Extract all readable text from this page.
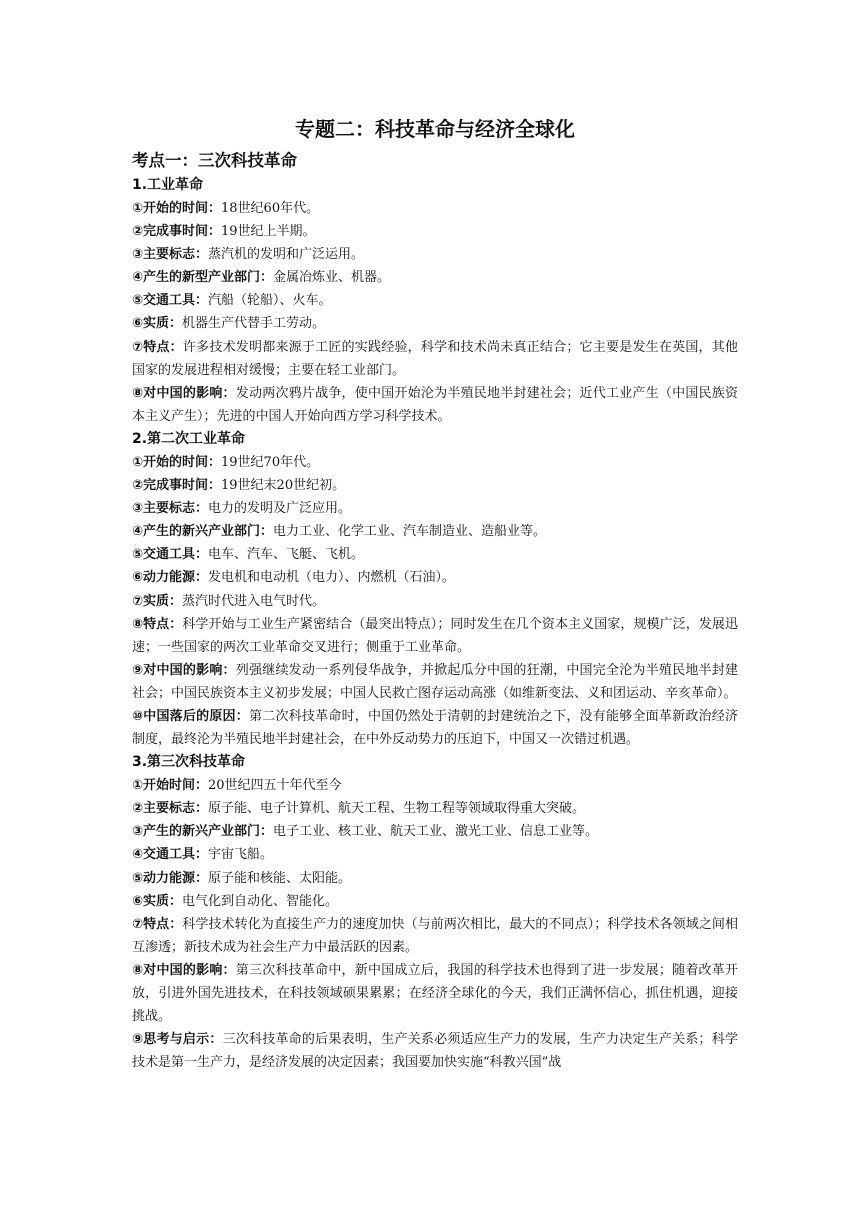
专题二：科技革命与经济全球化

考点一：三次科技革命

1.工业革命

①开始的时间：18世纪60年代。

②完成事时间：19世纪上半期。

③主要标志：蒸汽机的发明和广泛运用。

④产生的新型产业部门：金属冶炼业、机器。

⑤交通工具：汽船（轮船）、火车。

⑥实质：机器生产代替手工劳动。

⑦特点：许多技术发明都来源于工匠的实践经验，科学和技术尚未真正结合；它主要是发生在英国，其他国家的发展进程相对缓慢；主要在轻工业部门。

⑧对中国的影响：发动两次鸦片战争，使中国开始沦为半殖民地半封建社会；近代工业产生（中国民族资本主义产生）；先进的中国人开始向西方学习科学技术。

2.第二次工业革命

①开始的时间：19世纪70年代。

②完成事时间：19世纪末20世纪初。

③主要标志：电力的发明及广泛应用。

④产生的新兴产业部门：电力工业、化学工业、汽车制造业、造船业等。

⑤交通工具：电车、汽车、飞艇、飞机。

⑥动力能源：发电机和电动机（电力）、内燃机（石油）。

⑦实质：蒸汽时代进入电气时代。

⑧特点：科学开始与工业生产紧密结合（最突出特点）；同时发生在几个资本主义国家，规模广泛，发展迅速；一些国家的两次工业革命交叉进行；侧重于工业革命。

⑨对中国的影响：列强继续发动一系列侵华战争，并掀起瓜分中国的狂潮，中国完全沦为半殖民地半封建社会；中国民族资本主义初步发展；中国人民救亡图存运动高涨（如维新变法、义和团运动、辛亥革命）。

⑩中国落后的原因：第二次科技革命时，中国仍然处于清朝的封建统治之下，没有能够全面革新政治经济制度，最终沦为半殖民地半封建社会，在中外反动势力的压迫下，中国又一次错过机遇。

3.第三次科技革命

①开始时间：20世纪四五十年代至今

②主要标志：原子能、电子计算机、航天工程、生物工程等领域取得重大突破。

③产生的新兴产业部门：电子工业、核工业、航天工业、激光工业、信息工业等。

④交通工具：宇宙飞船。

⑤动力能源：原子能和核能、太阳能。

⑥实质：电气化到自动化、智能化。

⑦特点：科学技术转化为直接生产力的速度加快（与前两次相比，最大的不同点）；科学技术各领域之间相互渗透；新技术成为社会生产力中最活跃的因素。

⑧对中国的影响：第三次科技革命中，新中国成立后，我国的科学技术也得到了进一步发展；随着改革开放，引进外国先进技术，在科技领域硕果累累；在经济全球化的今天，我们正满怀信心，抓住机遇，迎接挑战。

⑨思考与启示：三次科技革命的后果表明，生产关系必须适应生产力的发展，生产力决定生产关系；科学技术是第一生产力，是经济发展的决定因素；我国要加快实施“科教兴国”战
